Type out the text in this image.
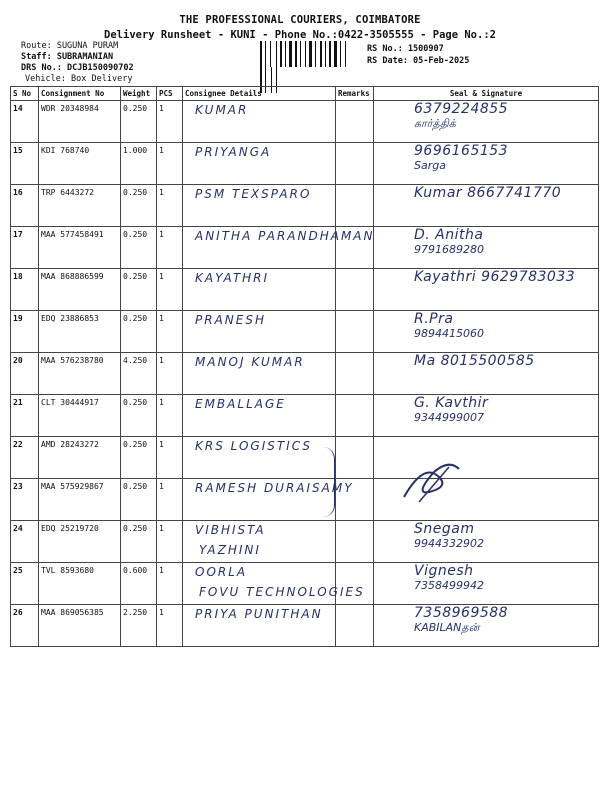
THE PROFESSIONAL COURIERS, COIMBATORE
Delivery Runsheet - KUNI - Phone No.:0422-3505555 - Page No.:2
Route: SUGUNA PURAM
Staff: SUBRAMANIAN
DRS No.: DCJB150090702
Vehicle: Box Delivery
RS No.: 1500907
RS Date: 05-Feb-2025
S No	Consignment No	Weight	PCS	Consignee Details	Remarks	Seal & Signature
14	WDR 20348984	0.250	1	KUMAR		6379224855
கார்த்திக்

15	KDI 768740	1.000	1	PRIYANGA		9696165153
Sarga

16	TRP 6443272	0.250	1	PSM TEXSPARO		Kumar 8667741770

17	MAA 577458491	0.250	1	ANITHA PARANDHAMAN		D. Anitha
9791689280

18	MAA 868886599	0.250	1	KAYATHRI		Kayathri 9629783033

19	EDQ 23886853	0.250	1	PRANESH		R.Pra
9894415060

20	MAA 576238780	4.250	1	MANOJ KUMAR		Ma 8015500585

21	CLT 30444917	0.250	1	EMBALLAGE		G. Kavthir
9344999007

22	AMD 28243272	0.250	1	KRS LOGISTICS		

23	MAA 575929867	0.250	1	RAMESH DURAISAMY

24	EDQ 25219720	0.250	1	VIBHISTA
YAZHINI		Snegam
9944332902

25	TVL 8593680	0.600	1	OORLA
FOVU TECHNOLOGIES		Vignesh
7358499942

26	MAA 869056385	2.250	1	PRIYA PUNITHAN		7358969588
KABILANதன்
